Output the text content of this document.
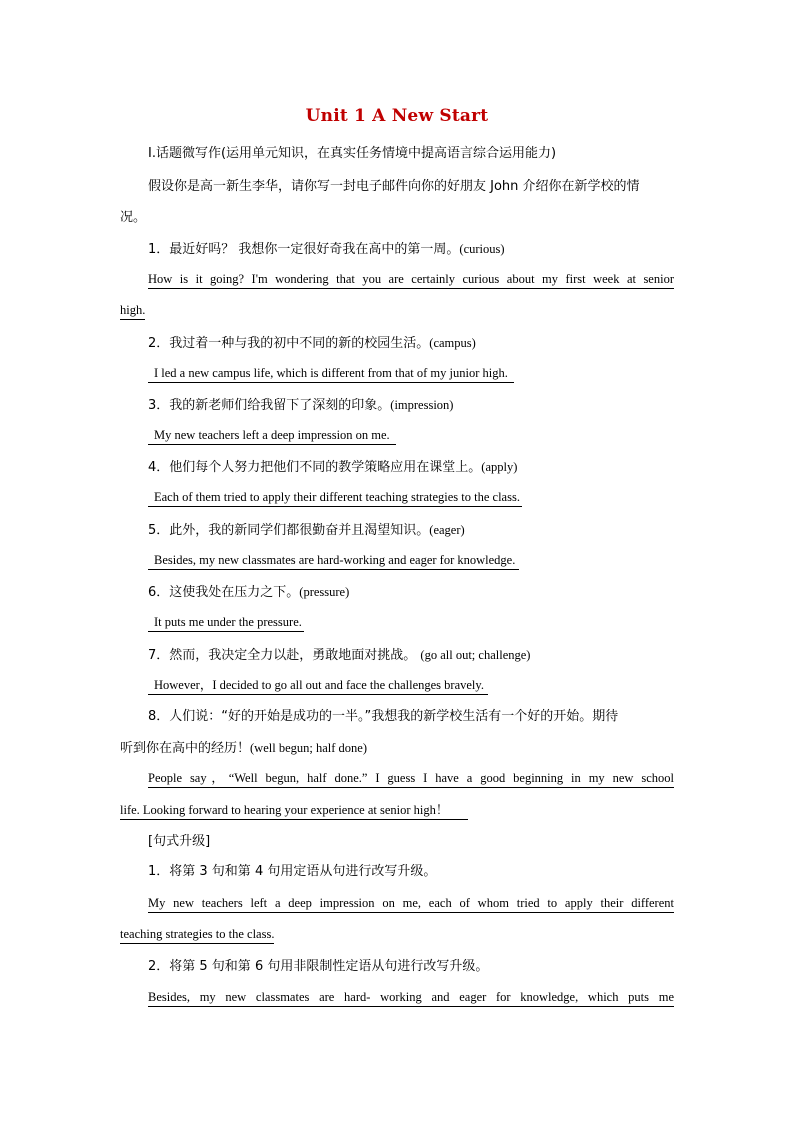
Unit 1 A New Start
Ⅰ.话题微写作(运用单元知识，在真实任务情境中提高语言综合运用能力)
假设你是高一新生李华，请你写一封电子邮件向你的好朋友 John 介绍你在新学校的情
况。
1．最近好吗？ 我想你一定很好奇我在高中的第一周。(curious)
How is it going? I'm wondering that you are certainly curious about my first week at senior
high.
2．我过着一种与我的初中不同的新的校园生活。(campus)
I led a new campus life, which is different from that of my junior high.
3．我的新老师们给我留下了深刻的印象。(impression)
My new teachers left a deep impression on me.
4．他们每个人努力把他们不同的教学策略应用在课堂上。(apply)
Each of them tried to apply their different teaching strategies to the class.
5．此外，我的新同学们都很勤奋并且渴望知识。(eager)
Besides, my new classmates are hard-working and eager for knowledge.
6．这使我处在压力之下。(pressure)
It puts me under the pressure.
7．然而，我决定全力以赴，勇敢地面对挑战。 (go all out; challenge)
However，I decided to go all out and face the challenges bravely.
8．人们说：“好的开始是成功的一半。”我想我的新学校生活有一个好的开始。期待
听到你在高中的经历！(well begun; half done)
People say，“Well begun, half done.” I guess I have a good beginning in my new school
life. Looking forward to hearing your experience at senior high！
[句式升级]
1．将第 3 句和第 4 句用定语从句进行改写升级。
My new teachers left a deep impression on me, each of whom tried to apply their different
teaching strategies to the class.
2．将第 5 句和第 6 句用非限制性定语从句进行改写升级。
Besides, my new classmates are hard- working and eager for knowledge, which puts me
